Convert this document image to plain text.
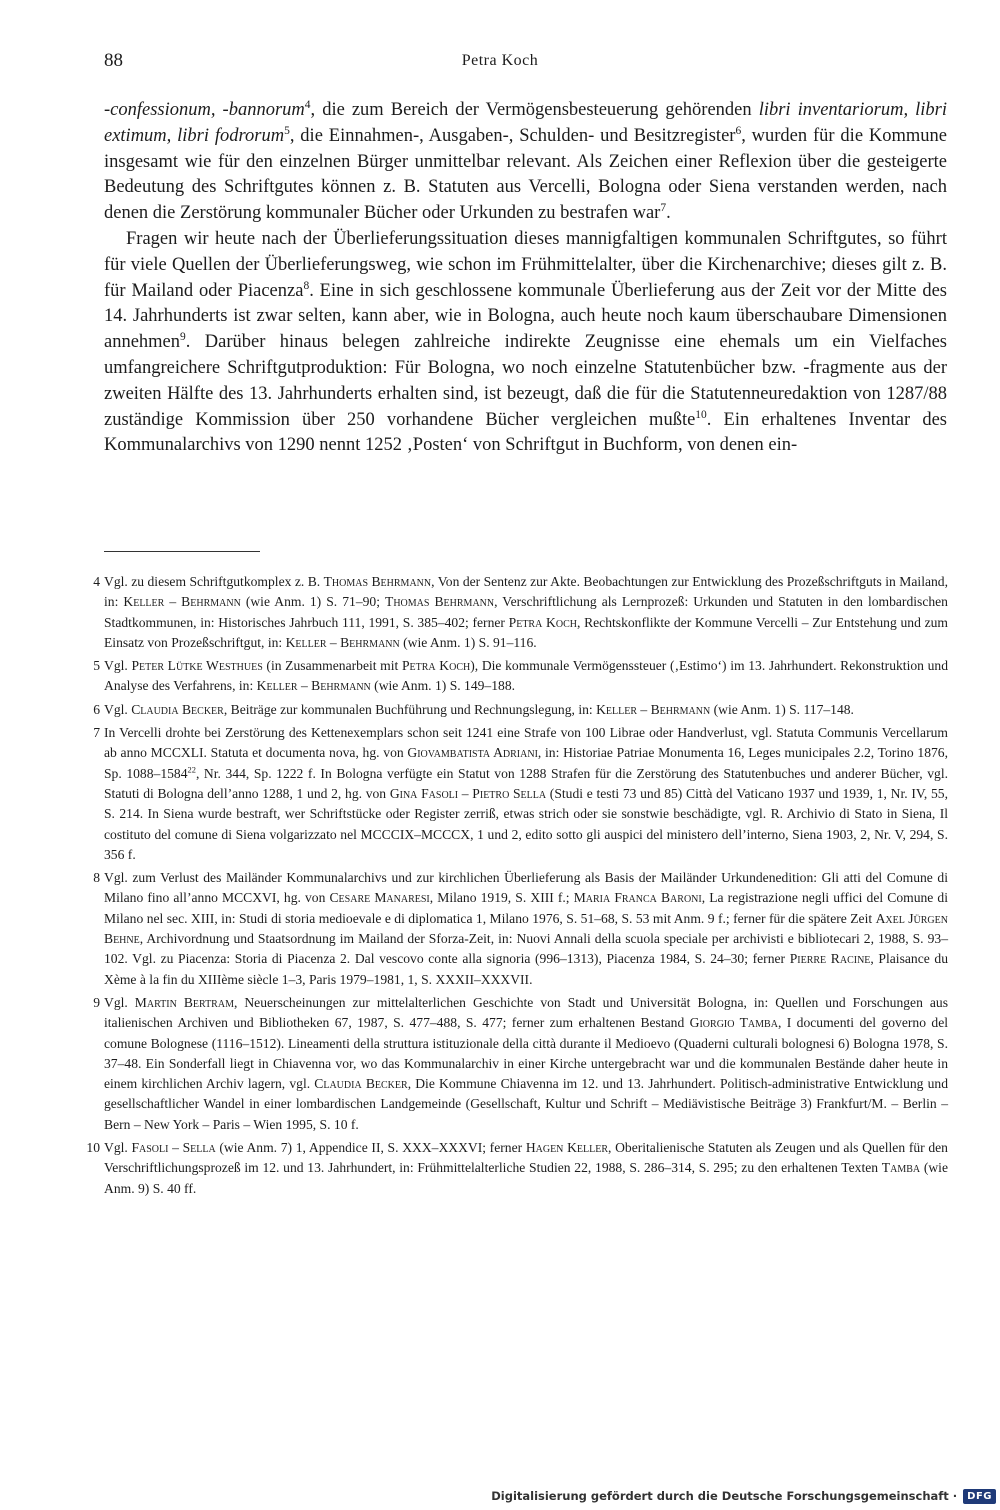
88	Petra Koch

-confessionum, -bannorum$^4$, die zum Bereich der Vermögensbesteuerung gehörenden libri inventariorum, libri extimum, libri fodrorum$^5$, die Einnahmen-, Ausgaben-, Schulden- und Besitzregister$^6$, wurden für die Kommune insgesamt wie für den einzelnen Bürger unmittelbar relevant. Als Zeichen einer Reflexion über die gesteigerte Bedeutung des Schriftgutes können z. B. Statuten aus Vercelli, Bologna oder Siena verstanden werden, nach denen die Zerstörung kommunaler Bücher oder Urkunden zu bestrafen war$^7$.

Fragen wir heute nach der Überlieferungssituation dieses mannigfaltigen kommunalen Schriftgutes, so führt für viele Quellen der Überlieferungsweg, wie schon im Frühmittelalter, über die Kirchenarchive; dieses gilt z. B. für Mailand oder Piacenza$^8$. Eine in sich geschlossene kommunale Überlieferung aus der Zeit vor der Mitte des 14. Jahrhunderts ist zwar selten, kann aber, wie in Bologna, auch heute noch kaum überschaubare Dimensionen annehmen$^9$. Darüber hinaus belegen zahlreiche indirekte Zeugnisse eine ehemals um ein Vielfaches umfangreichere Schriftgutproduktion: Für Bologna, wo noch einzelne Statutenbücher bzw. -fragmente aus der zweiten Hälfte des 13. Jahrhunderts erhalten sind, ist bezeugt, daß die für die Statutenneuredaktion von 1287/88 zuständige Kommission über 250 vorhandene Bücher vergleichen mußte$^{10}$. Ein erhaltenes Inventar des Kommunalarchivs von 1290 nennt 1252 ‚Posten‘ von Schriftgut in Buchform, von denen ein-

4 Vgl. zu diesem Schriftgutkomplex z. B. Thomas Behrmann, Von der Sentenz zur Akte. Beobachtungen zur Entwicklung des Prozeßschriftguts in Mailand, in: Keller – Behrmann (wie Anm. 1) S. 71–90; Thomas Behrmann, Verschriftlichung als Lernprozeß: Urkunden und Statuten in den lombardischen Stadtkommunen, in: Historisches Jahrbuch 111, 1991, S. 385–402; ferner Petra Koch, Rechtskonflikte der Kommune Vercelli – Zur Entstehung und zum Einsatz von Prozeßschriftgut, in: Keller – Behrmann (wie Anm. 1) S. 91–116.
5 Vgl. Peter Lütke Westhues (in Zusammenarbeit mit Petra Koch), Die kommunale Vermögenssteuer (‚Estimo‘) im 13. Jahrhundert. Rekonstruktion und Analyse des Verfahrens, in: Keller – Behrmann (wie Anm. 1) S. 149–188.
6 Vgl. Claudia Becker, Beiträge zur kommunalen Buchführung und Rechnungslegung, in: Keller – Behrmann (wie Anm. 1) S. 117–148.
7 In Vercelli drohte bei Zerstörung des Kettenexemplars schon seit 1241 eine Strafe von 100 Librae oder Handverlust, vgl. Statuta Communis Vercellarum ab anno MCCXLI. Statuta et documenta nova, hg. von Giovambatista Adriani, in: Historiae Patriae Monumenta 16, Leges municipales 2.2, Torino 1876, Sp. 1088–1584$^{22}$, Nr. 344, Sp. 1222 f. In Bologna verfügte ein Statut von 1288 Strafen für die Zerstörung des Statutenbuches und anderer Bücher, vgl. Statuti di Bologna dell’anno 1288, 1 und 2, hg. von Gina Fasoli – Pietro Sella (Studi e testi 73 und 85) Città del Vaticano 1937 und 1939, 1, Nr. IV, 55, S. 214. In Siena wurde bestraft, wer Schriftstücke oder Register zerriß, etwas strich oder sie sonstwie beschädigte, vgl. R. Archivio di Stato in Siena, Il costituto del comune di Siena volgarizzato nel MCCCIX–MCCCX, 1 und 2, edito sotto gli auspici del ministero dell’interno, Siena 1903, 2, Nr. V, 294, S. 356 f.
8 Vgl. zum Verlust des Mailänder Kommunalarchivs und zur kirchlichen Überlieferung als Basis der Mailänder Urkundenedition: Gli atti del Comune di Milano fino all’anno MCCXVI, hg. von Cesare Manaresi, Milano 1919, S. XIII f.; Maria Franca Baroni, La registrazione negli uffici del Comune di Milano nel sec. XIII, in: Studi di storia medioevale e di diplomatica 1, Milano 1976, S. 51–68, S. 53 mit Anm. 9 f.; ferner für die spätere Zeit Axel Jürgen Behne, Archivordnung und Staatsordnung im Mailand der Sforza-Zeit, in: Nuovi Annali della scuola speciale per archivisti e bibliotecari 2, 1988, S. 93–102. Vgl. zu Piacenza: Storia di Piacenza 2. Dal vescovo conte alla signoria (996–1313), Piacenza 1984, S. 24–30; ferner Pierre Racine, Plaisance du Xème à la fin du XIIIème siècle 1–3, Paris 1979–1981, 1, S. XXXII–XXXVII.
9 Vgl. Martin Bertram, Neuerscheinungen zur mittelalterlichen Geschichte von Stadt und Universität Bologna, in: Quellen und Forschungen aus italienischen Archiven und Bibliotheken 67, 1987, S. 477–488, S. 477; ferner zum erhaltenen Bestand Giorgio Tamba, I documenti del governo del comune Bolognese (1116–1512). Lineamenti della struttura istituzionale della città durante il Medioevo (Quaderni culturali bolognesi 6) Bologna 1978, S. 37–48. Ein Sonderfall liegt in Chiavenna vor, wo das Kommunalarchiv in einer Kirche untergebracht war und die kommunalen Bestände daher heute in einem kirchlichen Archiv lagern, vgl. Claudia Becker, Die Kommune Chiavenna im 12. und 13. Jahrhundert. Politisch-administrative Entwicklung und gesellschaftlicher Wandel in einer lombardischen Landgemeinde (Gesellschaft, Kultur und Schrift – Mediävistische Beiträge 3) Frankfurt/M. – Berlin – Bern – New York – Paris – Wien 1995, S. 10 f.
10 Vgl. Fasoli – Sella (wie Anm. 7) 1, Appendice II, S. XXX–XXXVI; ferner Hagen Keller, Oberitalienische Statuten als Zeugen und als Quellen für den Verschriftlichungsprozeß im 12. und 13. Jahrhundert, in: Frühmittelalterliche Studien 22, 1988, S. 286–314, S. 295; zu den erhaltenen Texten Tamba (wie Anm. 9) S. 40 ff.
Digitalisierung gefördert durch die Deutsche Forschungsgemeinschaft ·	DFG
